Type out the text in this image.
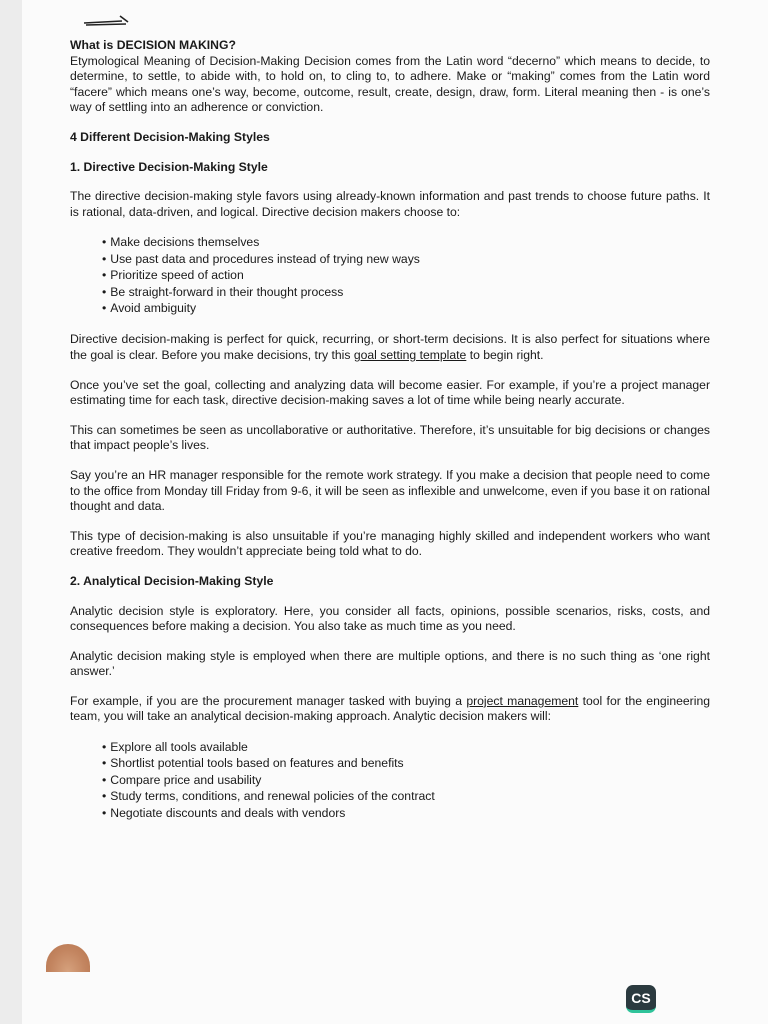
What is DECISION MAKING?

Etymological Meaning of Decision-Making Decision comes from the Latin word “decerno” which means to decide, to determine, to settle, to abide with, to hold on, to cling to, to adhere. Make or “making” comes from the Latin word “facere” which means one’s way, become, outcome, result, create, design, draw, form. Literal meaning then - is one’s way of settling into an adherence or conviction.

4 Different Decision-Making Styles

1. Directive Decision-Making Style

The directive decision-making style favors using already-known information and past trends to choose future paths. It is rational, data-driven, and logical. Directive decision makers choose to:

• Make decisions themselves
• Use past data and procedures instead of trying new ways
• Prioritize speed of action
• Be straight-forward in their thought process
• Avoid ambiguity

Directive decision-making is perfect for quick, recurring, or short-term decisions. It is also perfect for situations where the goal is clear. Before you make decisions, try this goal setting template to begin right.

Once you’ve set the goal, collecting and analyzing data will become easier. For example, if you’re a project manager estimating time for each task, directive decision-making saves a lot of time while being nearly accurate.

This can sometimes be seen as uncollaborative or authoritative. Therefore, it’s unsuitable for big decisions or changes that impact people’s lives.

Say you’re an HR manager responsible for the remote work strategy. If you make a decision that people need to come to the office from Monday till Friday from 9-6, it will be seen as inflexible and unwelcome, even if you base it on rational thought and data.

This type of decision-making is also unsuitable if you’re managing highly skilled and independent workers who want creative freedom. They wouldn’t appreciate being told what to do.

2. Analytical Decision-Making Style

Analytic decision style is exploratory. Here, you consider all facts, opinions, possible scenarios, risks, costs, and consequences before making a decision. You also take as much time as you need.

Analytic decision making style is employed when there are multiple options, and there is no such thing as ‘one right answer.’

For example, if you are the procurement manager tasked with buying a project management tool for the engineering team, you will take an analytical decision-making approach. Analytic decision makers will:

• Explore all tools available
• Shortlist potential tools based on features and benefits
• Compare price and usability
• Study terms, conditions, and renewal policies of the contract
• Negotiate discounts and deals with vendors
CS
